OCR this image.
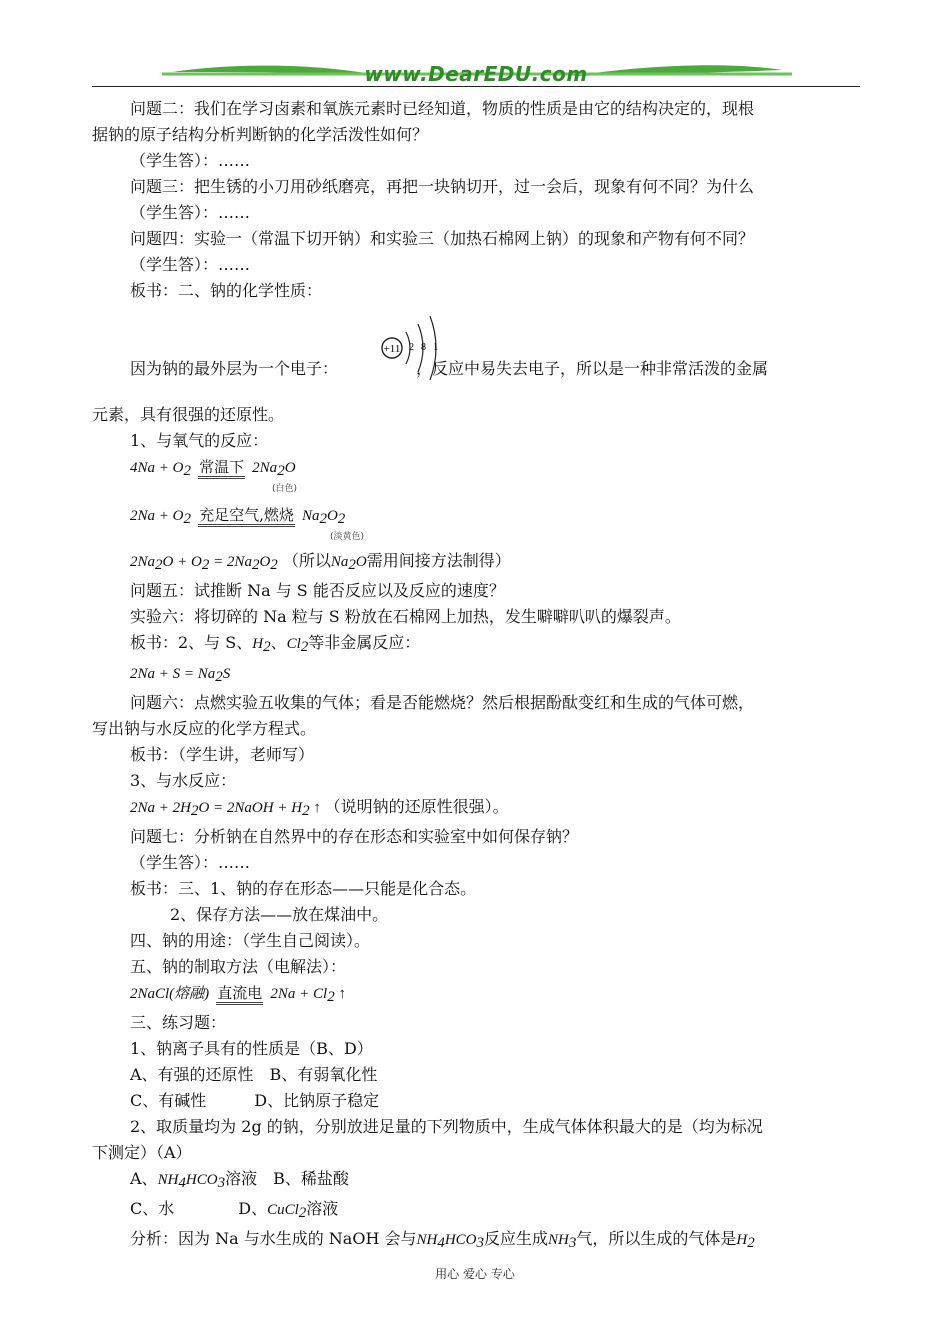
www.DearEDU.com
+11 2 8 1

问题二：我们在学习卤素和氧族元素时已经知道，物质的性质是由它的结构决定的，现根

据钠的原子结构分析判断钠的化学活泼性如何？

（学生答）：……

问题三：把生锈的小刀用砂纸磨亮，再把一块钠切开，过一会后，现象有何不同？为什么

（学生答）：……

问题四：实验一（常温下切开钠）和实验三（加热石棉网上钠）的现象和产物有何不同？

（学生答）：……

板书：二、钠的化学性质：

因为钠的最外层为一个电子：	，反应中易失去电子，所以是一种非常活泼的金属

元素，具有很强的还原性。

1、与氧气的反应：

$4Na + O_2$ 常温下 $2Na_2O$
(白色)

$2Na + O_2$ 充足空气,燃烧 $Na_2O_2$
(淡黄色)

$2Na_2O + O_2 = 2Na_2O_2$ （所以$Na_2O$需用间接方法制得）

问题五：试推断 Na 与 S 能否反应以及反应的速度？

实验六：将切碎的 Na 粒与 S 粉放在石棉网上加热，发生噼噼叭叭的爆裂声。

板书：2、与 S、$H_2$、$Cl_2$等非金属反应：

$2Na + S = Na_2S$

问题六：点燃实验五收集的气体；看是否能燃烧？然后根据酚酞变红和生成的气体可燃，

写出钠与水反应的化学方程式。

板书：（学生讲，老师写）

3、与水反应：

$2Na + 2H_2O$ = 2NaOH + $H_2$ ↑ （说明钠的还原性很强）。

问题七：分析钠在自然界中的存在形态和实验室中如何保存钠？

（学生答）：……

板书：三、1、钠的存在形态——只能是化合态。

2、保存方法——放在煤油中。

四、钠的用途：（学生自己阅读）。

五、钠的制取方法（电解法）：

2NaCl(熔融) 直流电 $2Na + Cl_2$ ↑

三、练习题：

1、钠离子具有的性质是（B、D）

A、有强的还原性　B、有弱氧化性

C、有碱性　　　D、比钠原子稳定

2、取质量均为 2g 的钠，分别放进足量的下列物质中，生成气体体积最大的是（均为标况

下测定）（A）

A、$NH_4HCO_3$溶液　B、稀盐酸

C、水　　　　D、CuCl$_2$溶液

分析：因为 Na 与水生成的 NaOH 会与$NH_4HCO_3$反应生成$NH_3$气，所以生成的气体是$H_2$

用心 爱心 专心
